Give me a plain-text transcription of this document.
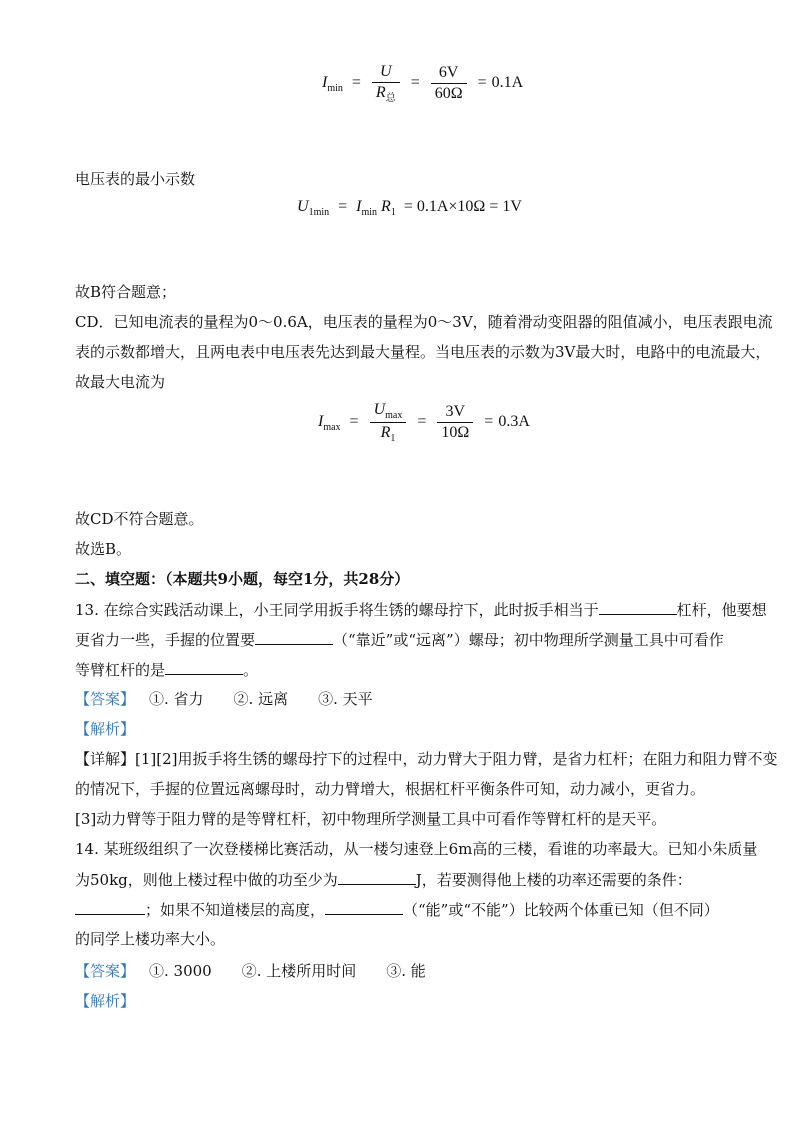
$I_{min} = \frac{U}{R_总} = \frac{6V}{60\Omega} = 0.1A$
电压表的最小示数
$U_{1min} = I_{min}$ $R_1 = 0.1A\times 10\Omega = 1V$
故B符合题意；
CD．已知电流表的量程为0～0.6A，电压表的量程为0～3V，随着滑动变阻器的阻值减小，电压表跟电流
表的示数都增大，且两电表中电压表先达到最大量程。当电压表的示数为3V最大时，电路中的电流最大，
故最大电流为
$I_{max} = \frac{U_{max}}{R_1} = \frac{3V}{10\Omega} = 0.3A$
故CD不符合题意。
故选B。
二、填空题：（本题共9小题，每空1分，共28分）
13. 在综合实践活动课上，小王同学用扳手将生锈的螺母拧下，此时扳手相当于	杠杆，他要想
更省力一些，手握的位置要	（“靠近”或“远离”）螺母；初中物理所学测量工具中可看作
等臂杠杆的是	。
【答案】 ①. 省力　　②. 远离　　③. 天平
【解析】
【详解】[1][2]用扳手将生锈的螺母拧下的过程中，动力臂大于阻力臂，是省力杠杆；在阻力和阻力臂不变
的情况下，手握的位置远离螺母时，动力臂增大，根据杠杆平衡条件可知，动力减小，更省力。
[3]动力臂等于阻力臂的是等臂杠杆，初中物理所学测量工具中可看作等臂杠杆的是天平。
14. 某班级组织了一次登楼梯比赛活动，从一楼匀速登上6m高的三楼，看谁的功率最大。已知小朱质量
为50kg，则他上楼过程中做的功至少为	J，若要测得他上楼的功率还需要的条件：
；如果不知道楼层的高度，	（“能”或“不能”）比较两个体重已知（但不同）
的同学上楼功率大小。
【答案】 ①. 3000　　②. 上楼所用时间　　③. 能
【解析】
